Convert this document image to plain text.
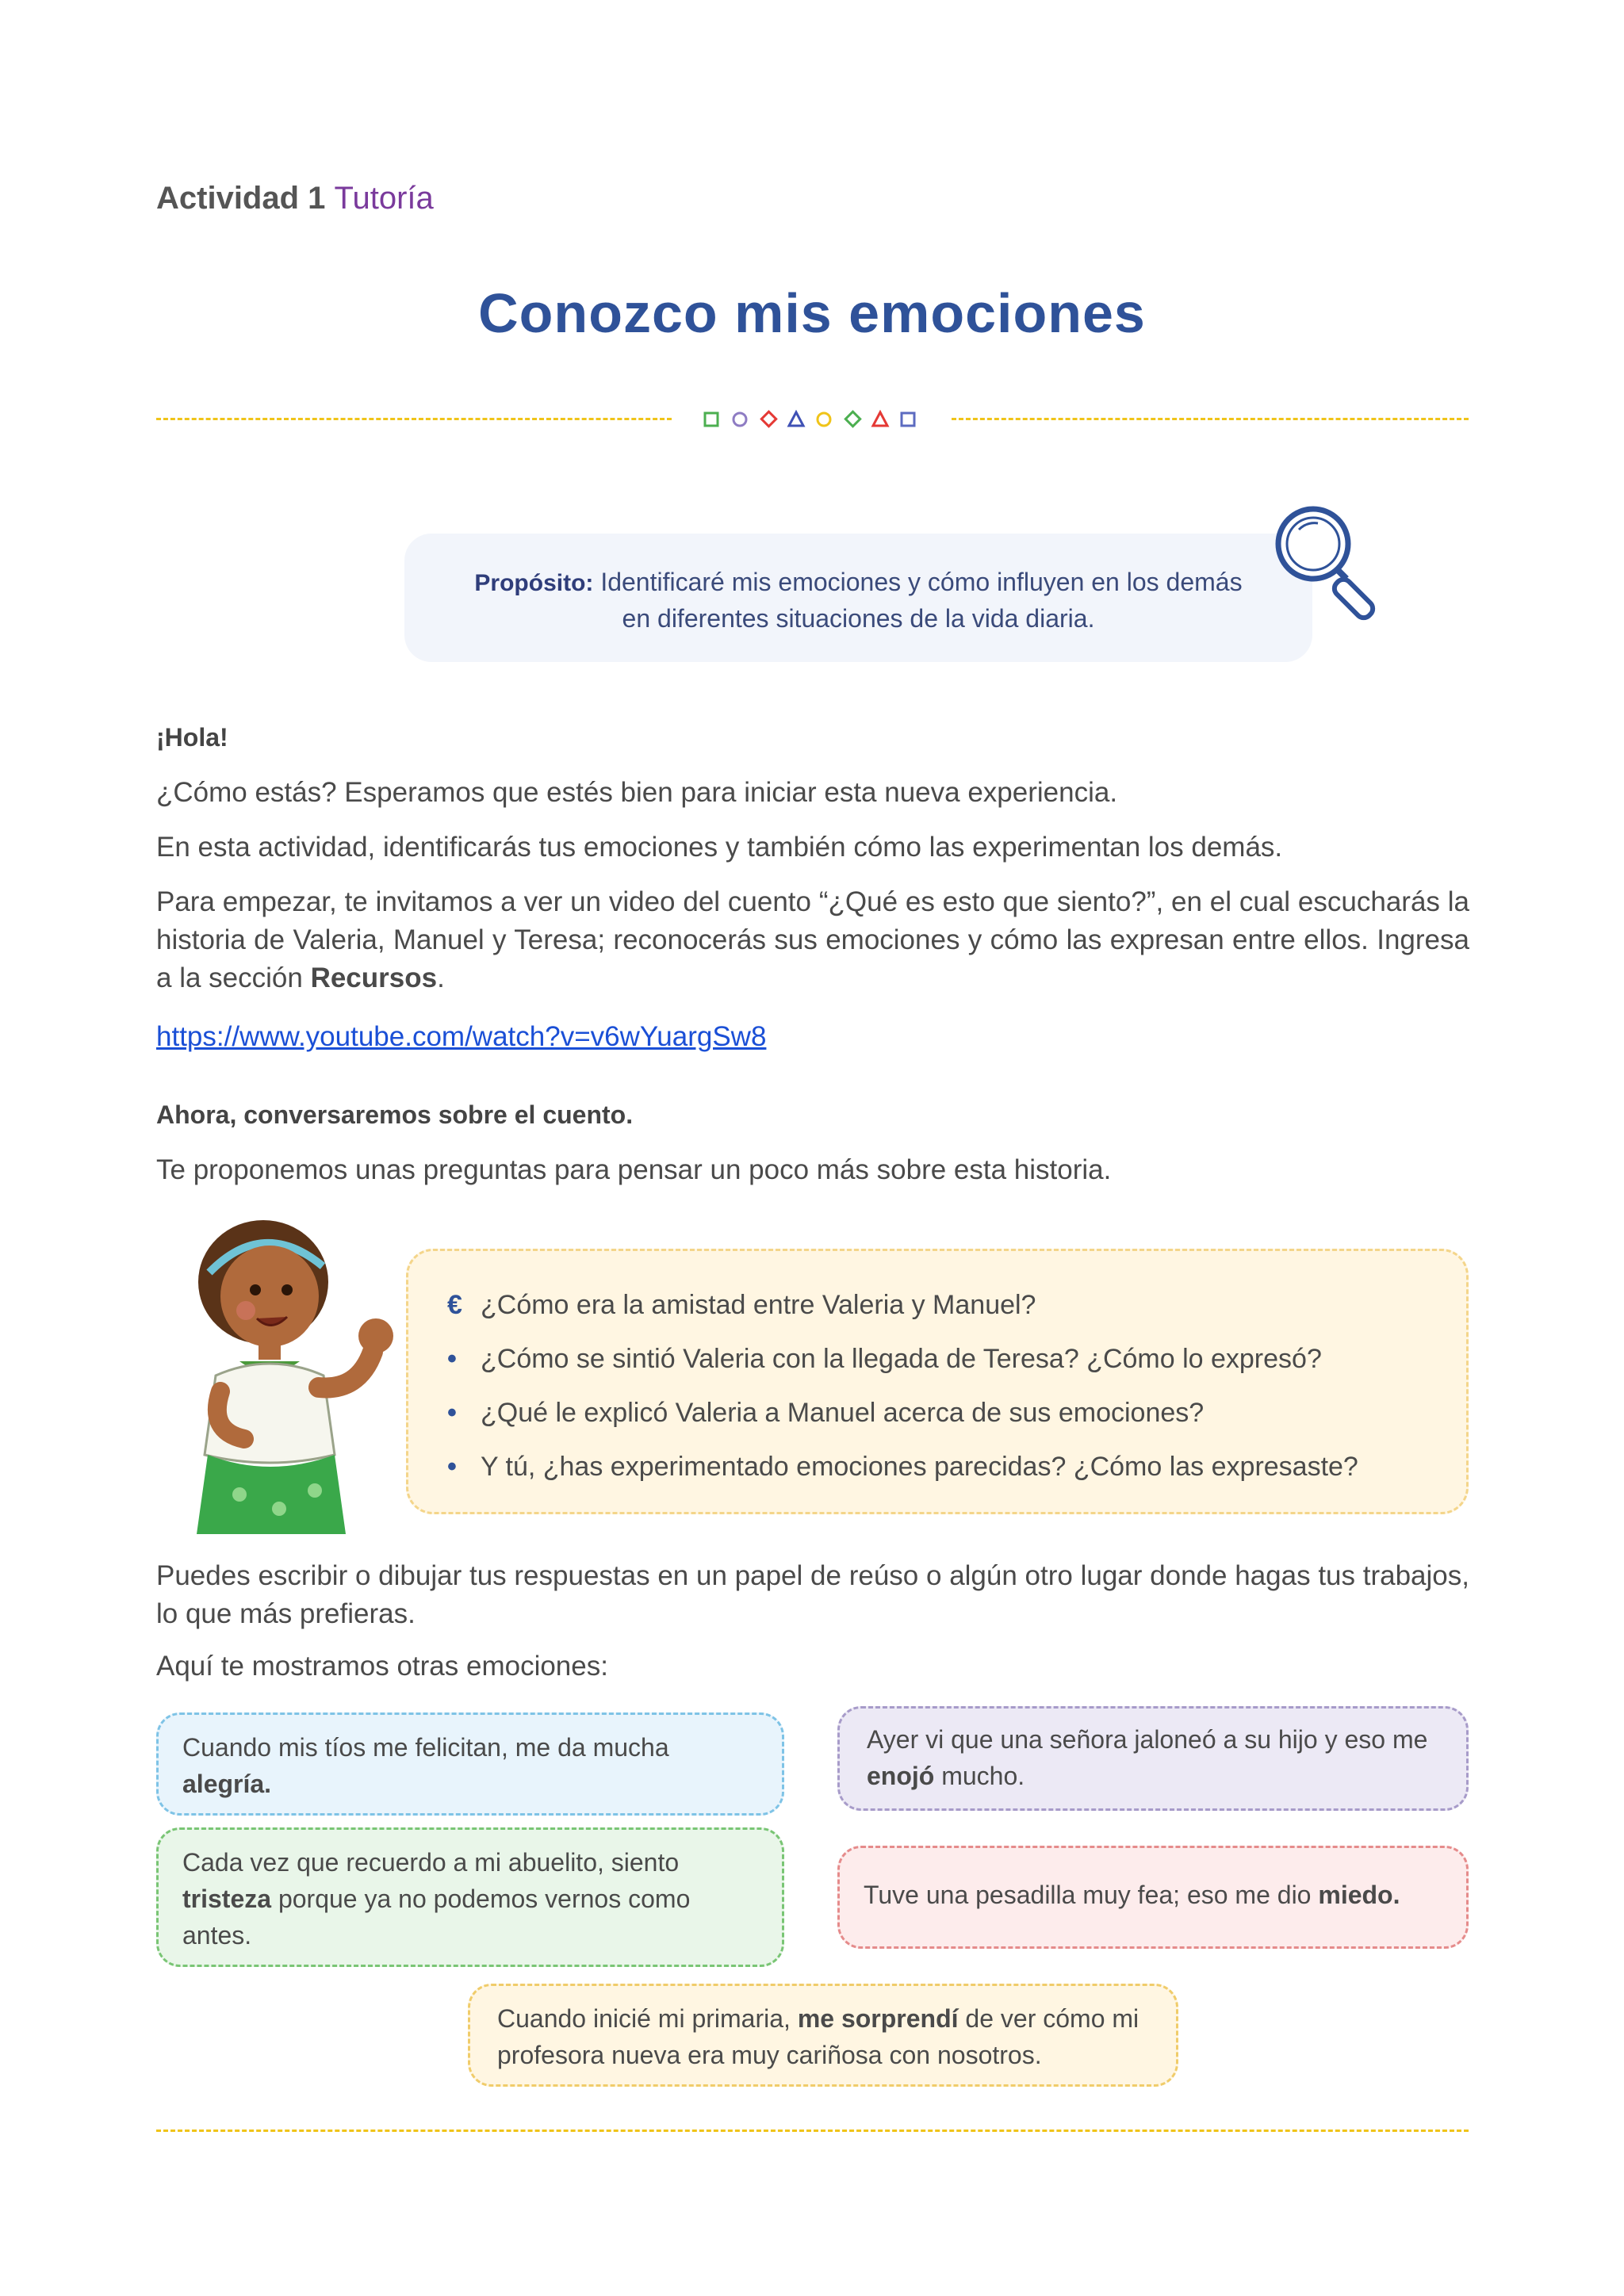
Actividad 1 Tutoría
Conozco mis emociones
Propósito: Identificaré mis emociones y cómo influyen en los demás
en diferentes situaciones de la vida diaria.
¡Hola!
¿Cómo estás? Esperamos que estés bien para iniciar esta nueva experiencia.
En esta actividad, identificarás tus emociones y también cómo las experimentan los demás.
Para empezar, te invitamos a ver un video del cuento “¿Qué es esto que siento?”, en el cual escucharás la historia de Valeria, Manuel y Teresa; reconocerás sus emociones y cómo las expresan entre ellos. Ingresa a la sección Recursos.
https://www.youtube.com/watch?v=v6wYuargSw8
Ahora, conversaremos sobre el cuento.
Te proponemos unas preguntas para pensar un poco más sobre esta historia.
€ ¿Cómo era la amistad entre Valeria y Manuel?
• ¿Cómo se sintió Valeria con la llegada de Teresa? ¿Cómo lo expresó?
• ¿Qué le explicó Valeria a Manuel acerca de sus emociones?
• Y tú, ¿has experimentado emociones parecidas? ¿Cómo las expresaste?
Puedes escribir o dibujar tus respuestas en un papel de reúso o algún otro lugar donde hagas tus trabajos, lo que más prefieras.
Aquí te mostramos otras emociones:
Cuando mis tíos me felicitan, me da mucha
alegría.
Ayer vi que una señora jaloneó a su hijo y eso me
enojó mucho.
Cada vez que recuerdo a mi abuelito, siento
tristeza porque ya no podemos vernos como antes.
Tuve una pesadilla muy fea; eso me dio miedo.
Cuando inicié mi primaria, me sorprendí de ver cómo mi profesora nueva era muy cariñosa con nosotros.
